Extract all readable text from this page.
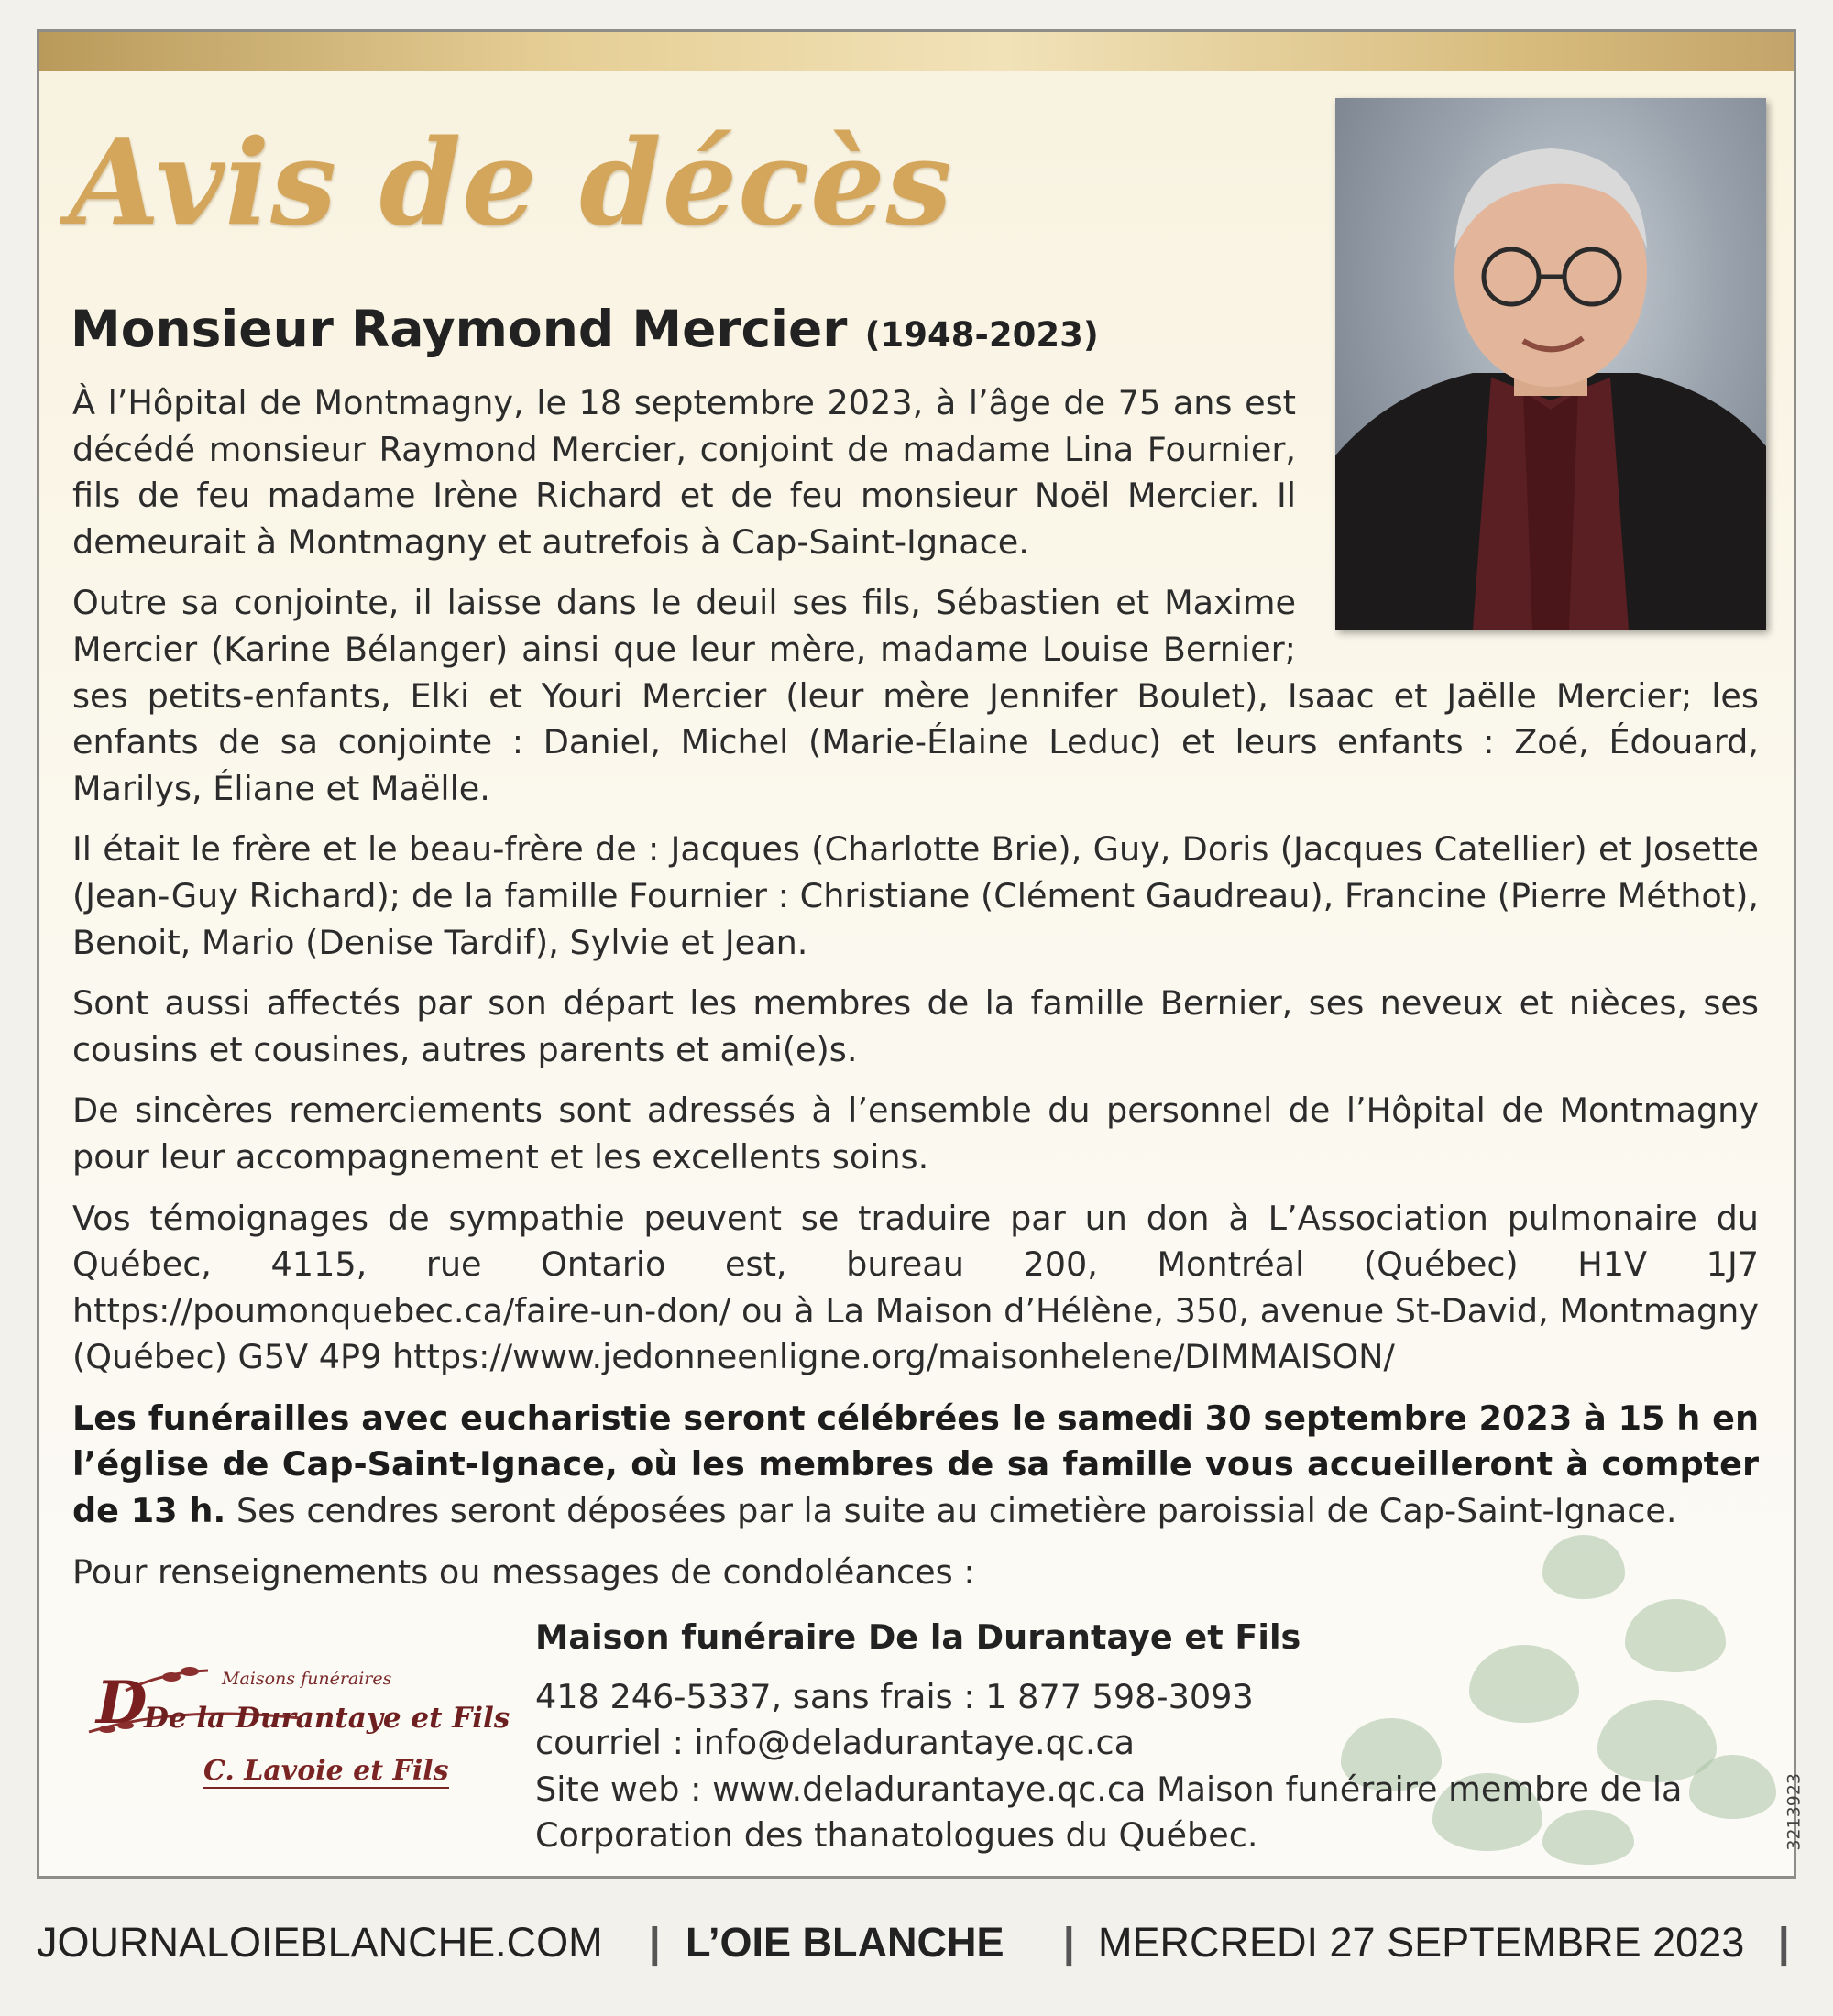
Avis de décès
Monsieur Raymond Mercier (1948-2023)

À l’Hôpital de Montmagny, le 18 septembre 2023, à l’âge de 75 ans est décédé monsieur Raymond Mercier, conjoint de madame Lina Fournier, fils de feu madame Irène Richard et de feu monsieur Noël Mercier. Il demeurait à Montmagny et autrefois à Cap-Saint-Ignace.

Outre sa conjointe, il laisse dans le deuil ses fils, Sébastien et Maxime Mercier (Karine Bélanger) ainsi que leur mère, madame Louise Bernier; ses petits-enfants, Elki et Youri Mercier (leur mère Jennifer Boulet), Isaac et Jaëlle Mercier; les enfants de sa conjointe : Daniel, Michel (Marie-Élaine Leduc) et leurs enfants : Zoé, Édouard, Marilys, Éliane et Maëlle.

Il était le frère et le beau-frère de : Jacques (Charlotte Brie), Guy, Doris (Jacques Catellier) et Josette (Jean-Guy Richard); de la famille Fournier : Christiane (Clément Gaudreau), Francine (Pierre Méthot), Benoit, Mario (Denise Tardif), Sylvie et Jean.

Sont aussi affectés par son départ les membres de la famille Bernier, ses neveux et nièces, ses cousins et cousines, autres parents et ami(e)s.

De sincères remerciements sont adressés à l’ensemble du personnel de l’Hôpital de Montmagny pour leur accompagnement et les excellents soins.

Vos témoignages de sympathie peuvent se traduire par un don à L’Association pulmonaire du Québec, 4115, rue Ontario est, bureau 200, Montréal (Québec) H1V 1J7 https://poumonquebec.ca/faire-un-don/ ou à La Maison d’Hélène, 350, avenue St-David, Montmagny (Québec) G5V 4P9 https://www.jedonneenligne.org/maisonhelene/DIMMAISON/

Les funérailles avec eucharistie seront célébrées le samedi 30 septembre 2023 à 15 h en l’église de Cap-Saint-Ignace, où les membres de sa famille vous accueilleront à compter de 13 h. Ses cendres seront déposées par la suite au cimetière paroissial de Cap-Saint-Ignace.

Pour renseignements ou messages de condoléances :

Maison funéraire De la Durantaye et Fils
418 246-5337, sans frais : 1 877 598-3093
courriel : info@deladurantaye.qc.ca
Site web : www.deladurantaye.qc.ca Maison funéraire membre de la Corporation des thanatologues du Québec.
D	Maisons funéraires
De la Durantaye et Fils
C. Lavoie et Fils
3213923
JOURNALOIEBLANCHE.COM | L’OIE BLANCHE | MERCREDI 27 SEPTEMBRE 2023 |
